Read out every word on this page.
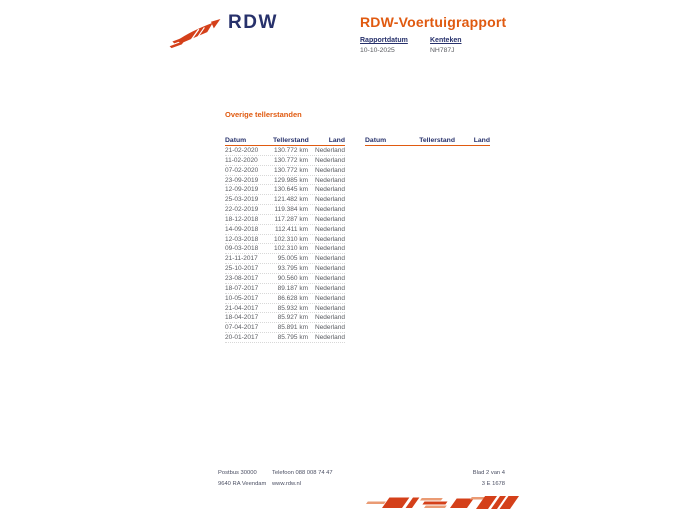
RDW	RDW-Voertuigrapport
Rapportdatum
10-10-2025
Kenteken
NH787J
Overige tellerstanden
Datum	Tellerstand	Land
21-02-2020	130.772 km	Nederland
11-02-2020	130.772 km	Nederland
07-02-2020	130.772 km	Nederland
23-09-2019	129.985 km	Nederland
12-09-2019	130.645 km	Nederland
25-03-2019	121.482 km	Nederland
22-02-2019	119.384 km	Nederland
18-12-2018	117.287 km	Nederland
14-09-2018	112.411 km	Nederland
12-03-2018	102.310 km	Nederland
09-03-2018	102.310 km	Nederland
21-11-2017	95.005 km	Nederland
25-10-2017	93.795 km	Nederland
23-08-2017	90.560 km	Nederland
18-07-2017	89.187 km	Nederland
10-05-2017	86.628 km	Nederland
21-04-2017	85.932 km	Nederland
18-04-2017	85.927 km	Nederland
07-04-2017	85.891 km	Nederland
20-01-2017	85.795 km	Nederland
Datum	Tellerstand	Land
Postbus 30000
9640 RA Veendam
Telefoon 088 008 74 47
www.rdw.nl
Blad 2 van 4
3 E 1678
